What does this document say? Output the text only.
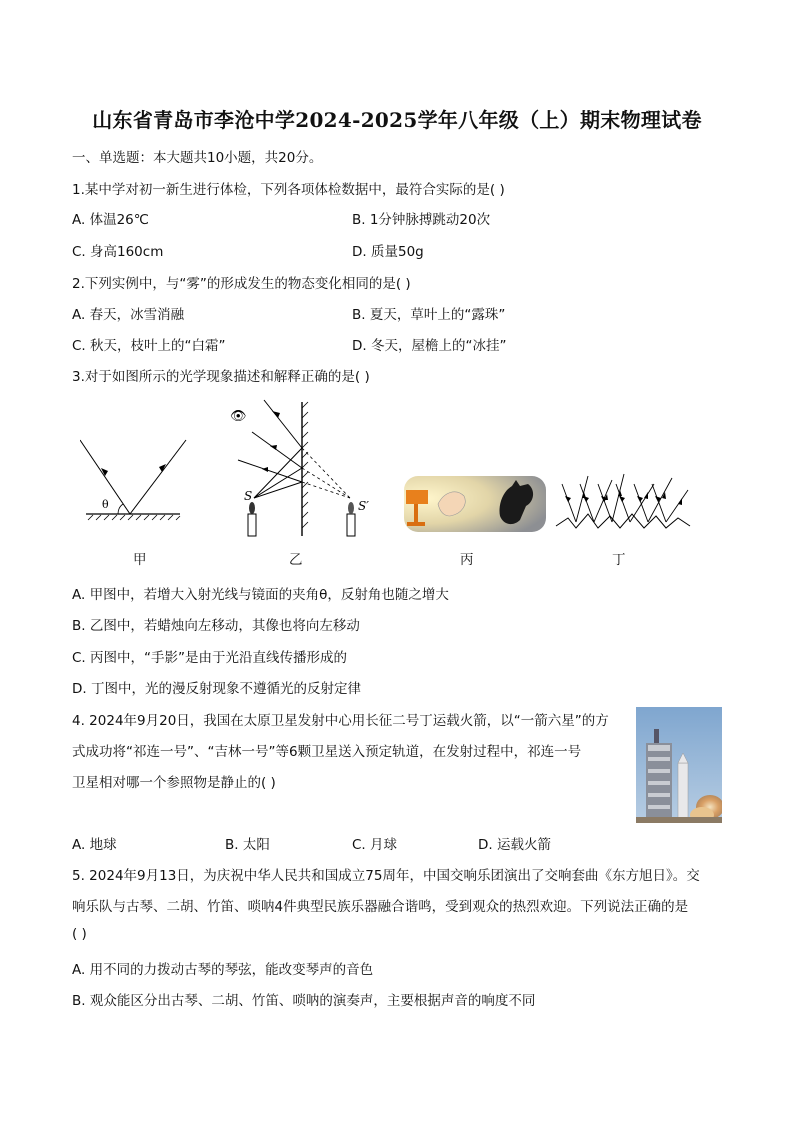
山东省青岛市李沧中学2024-2025学年八年级（上）期末物理试卷
一、单选题：本大题共10小题，共20分。
1.某中学对初一新生进行体检，下列各项体检数据中，最符合实际的是( )
A. 体温26℃	B. 1分钟脉搏跳动20次
C. 身高160cm	D. 质量50g
2.下列实例中，与“雾”的形成发生的物态变化相同的是( )
A. 春天，冰雪消融	B. 夏天，草叶上的“露珠”
C. 秋天，枝叶上的“白霜”	D. 冬天，屋檐上的“冰挂”
3.对于如图所示的光学现象描述和解释正确的是( )
θ
甲
👁
S
S′
乙	丙	丁
A. 甲图中，若增大入射光线与镜面的夹角θ，反射角也随之增大
B. 乙图中，若蜡烛向左移动，其像也将向左移动
C. 丙图中，“手影”是由于光沿直线传播形成的
D. 丁图中，光的漫反射现象不遵循光的反射定律
4. 2024年9月20日，我国在太原卫星发射中心用长征二号丁运载火箭，以“一箭六星”的方
式成功将“祁连一号”、“吉林一号”等6颗卫星送入预定轨道，在发射过程中，祁连一号
卫星相对哪一个参照物是静止的( )
A. 地球	B. 太阳	C. 月球	D. 运载火箭
5. 2024年9月13日，为庆祝中华人民共和国成立75周年，中国交响乐团演出了交响套曲《东方旭日》。交
响乐队与古琴、二胡、竹笛、唢呐4件典型民族乐器融合谐鸣，受到观众的热烈欢迎。下列说法正确的是
( )
A. 用不同的力拨动古琴的琴弦，能改变琴声的音色
B. 观众能区分出古琴、二胡、竹笛、唢呐的演奏声，主要根据声音的响度不同
